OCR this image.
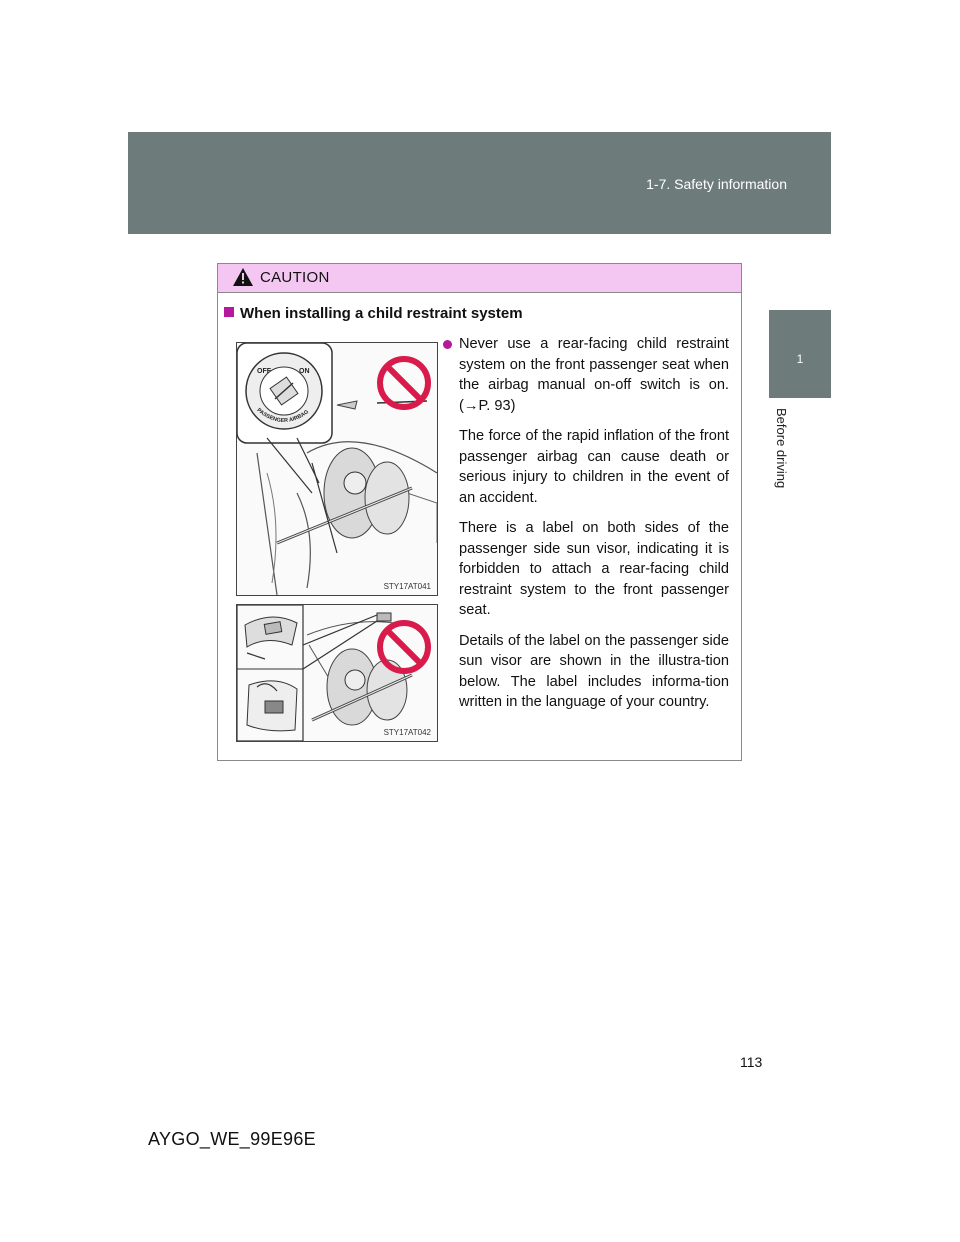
1-7. Safety information
1
Before driving
CAUTION
When installing a child restraint system
OFF	ON
PASSENGER AIRBAG
STY17AT041
STY17AT042

Never use a rear-facing child restraint system on the front passenger seat when the airbag manual on-off switch is on. (→P. 93)

The force of the rapid inflation of the front passenger airbag can cause death or serious injury to children in the event of an accident.

There is a label on both sides of the passenger side sun visor, indicating it is forbidden to attach a rear-facing child restraint system to the front passenger seat.

Details of the label on the passenger side sun visor are shown in the illustra-tion below. The label includes informa-tion written in the language of your country.

113
AYGO_WE_99E96E
